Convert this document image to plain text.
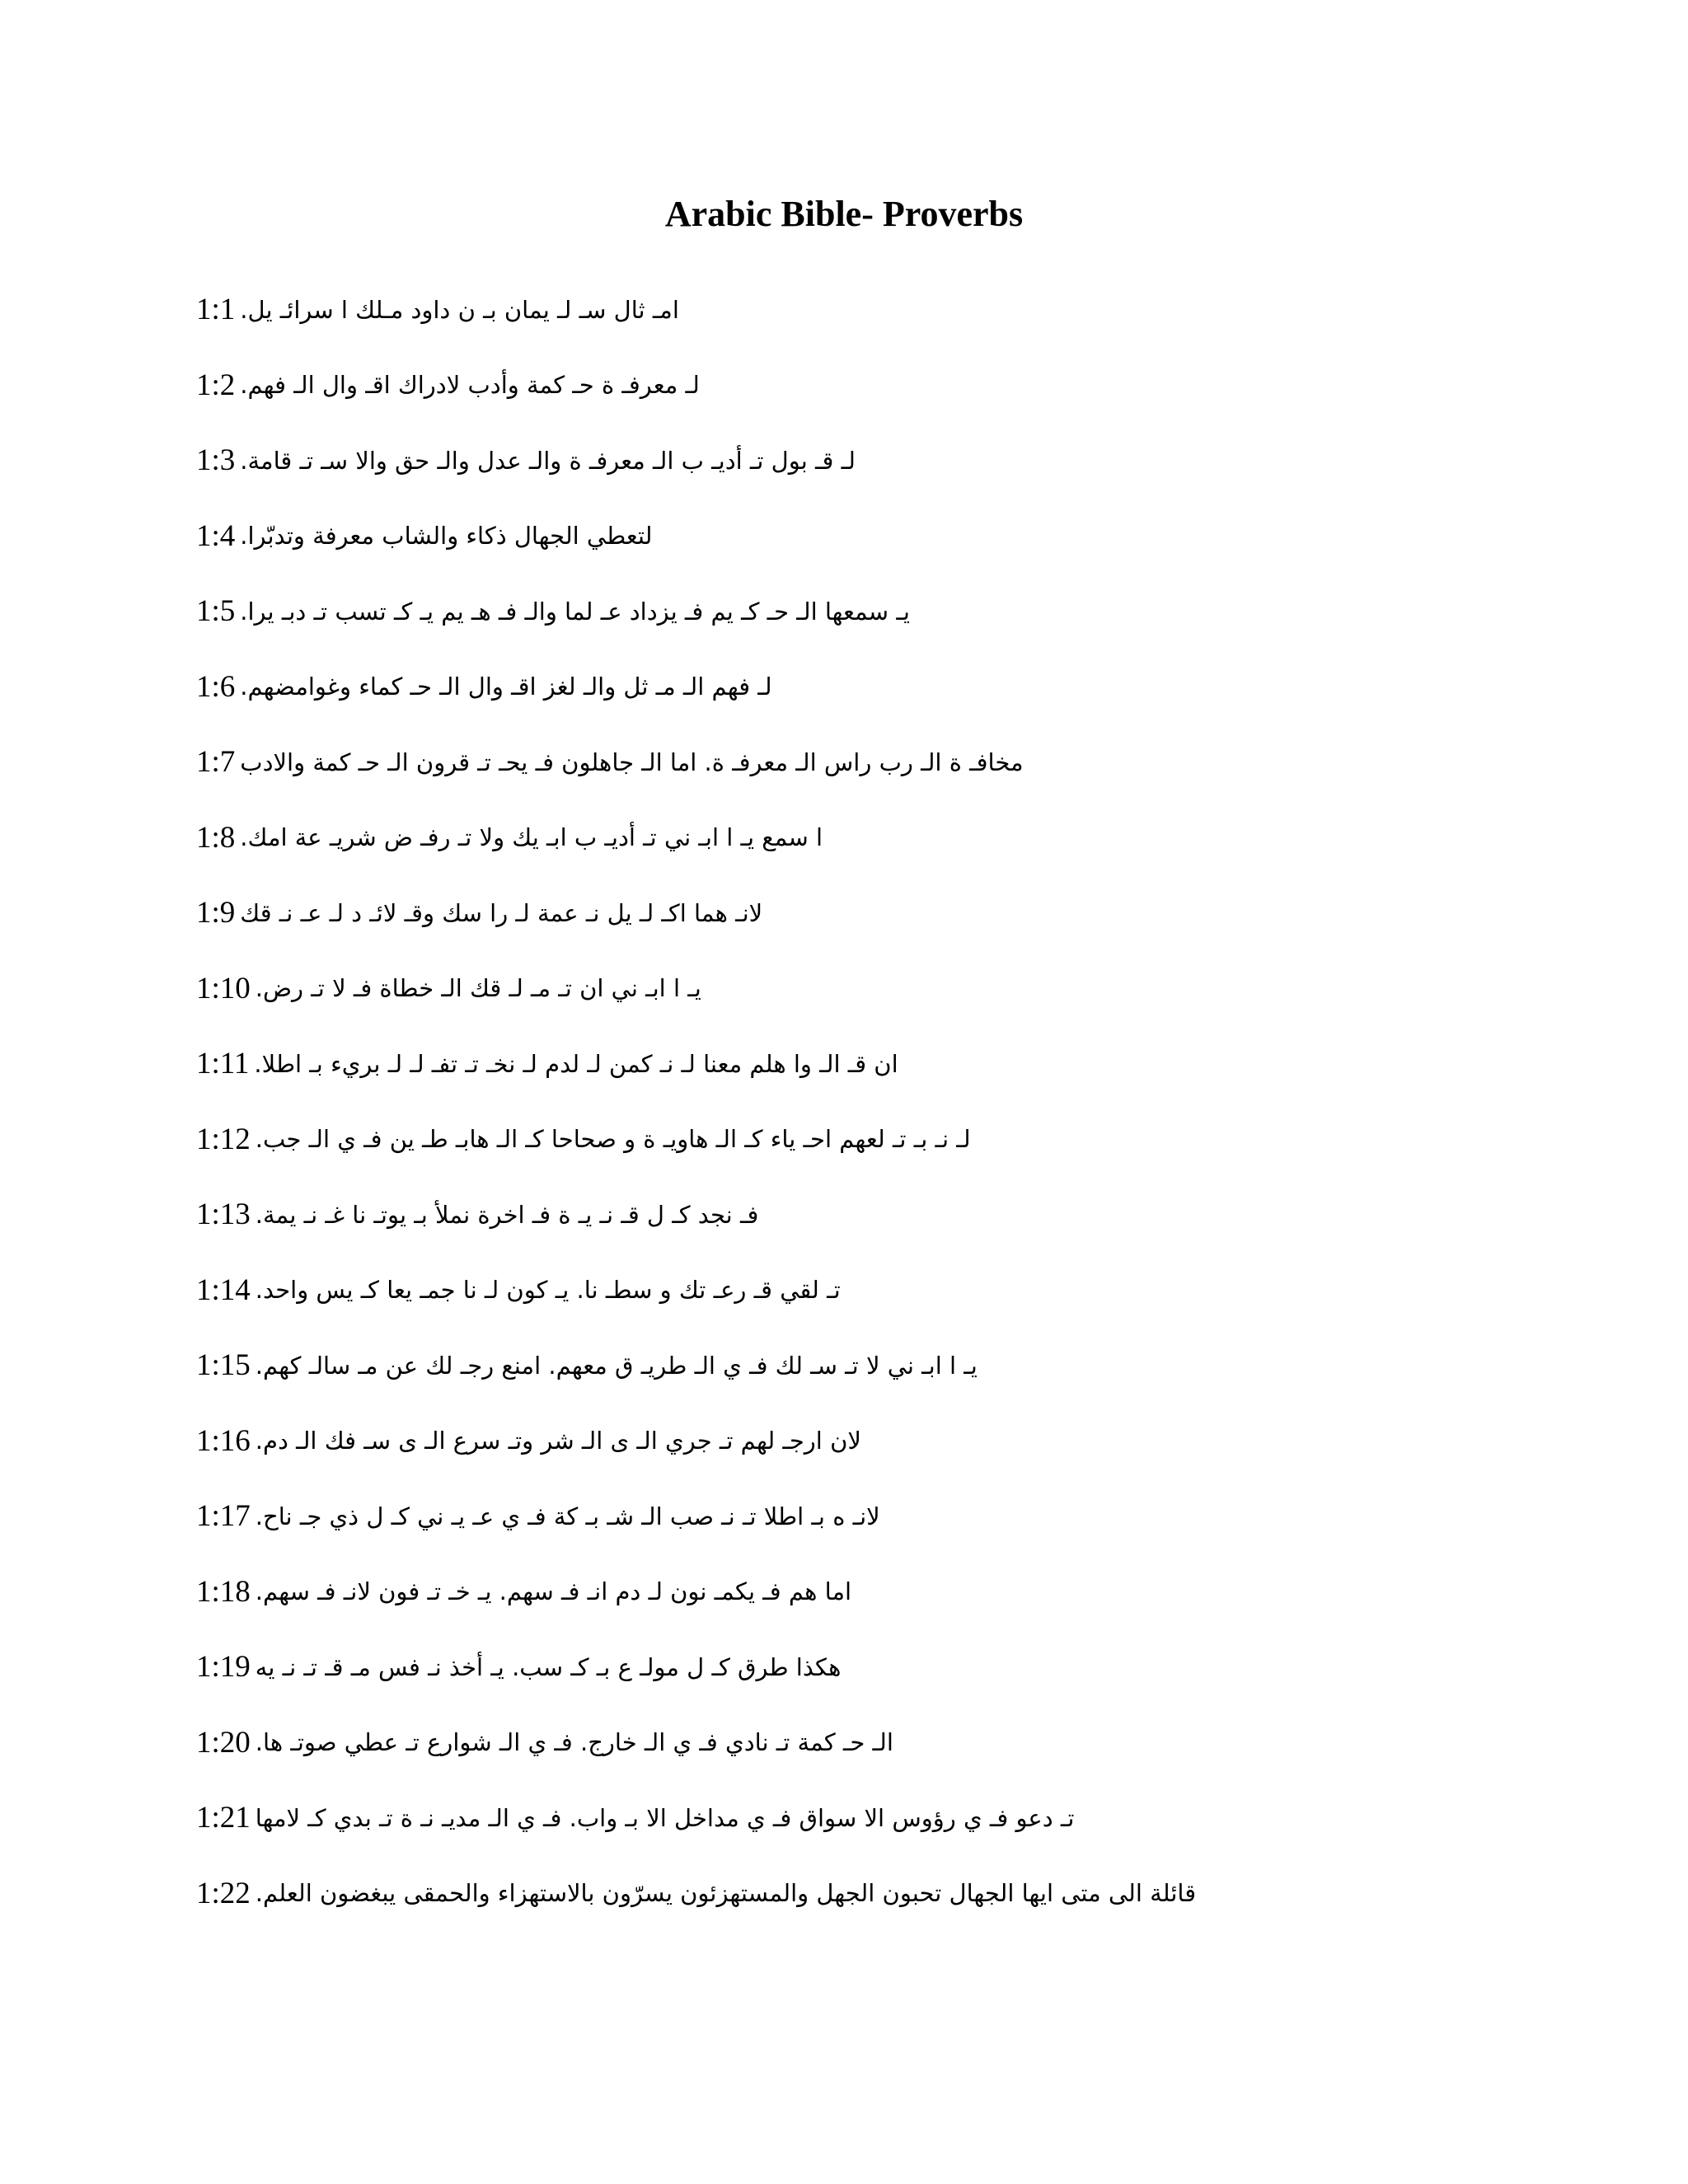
Arabic Bible- Proverbs
1:1 امـ ثال سـ لـ يمان بـ ن داود مـلك ا سرائـ يل.
1:2 لـ معرفـ ة حـ كمة وأدب لادراك اقـ وال الـ فهم.
1:3 لـ قـ بول تـ أديـ ب الـ معرفـ ة والـ عدل والـ حق والا سـ تـ قامة.
1:4 لتعطي الجهال ذكاء والشاب معرفة وتدبّرا.
1:5 يـ سمعها الـ حـ كـ يم فـ يزداد عـ لما والـ فـ هـ يم يـ كـ تسب تـ دبـ يرا.
1:6 لـ فهم الـ مـ ثل والـ لغز اقـ وال الـ حـ كماء وغوامضهم.
1:7 مخافـ ة الـ رب راس الـ معرفـ ة. اما الـ جاهلون فـ يحـ تـ قرون الـ حـ كمة والادب
1:8 ا سمع يـ ا ابـ ني تـ أديـ ب ابـ يك ولا تـ رفـ ض شريـ عة امك.
1:9 لانـ هما اكـ لـ يل نـ عمة لـ را سك وقـ لائـ د لـ عـ نـ قك
1:10 يـ ا ابـ ني ان تـ مـ لـ قك الـ خطاة فـ لا تـ رض.
1:11 ان قـ الـ وا هلم معنا لـ نـ كمن لـ لدم لـ نخـ تـ تفـ لـ لـ بريء بـ اطلا.
1:12 لـ نـ بـ تـ لعهم احـ ياء كـ الـ هاويـ ة و صحاحا كـ الـ هابـ طـ ين فـ ي الـ جب.
1:13 فـ نجد كـ ل قـ نـ يـ ة فـ اخرة نملأ بـ يوتـ نا غـ نـ يمة.
1:14 تـ لقي قـ رعـ تك و سطـ نا. يـ كون لـ نا جمـ يعا كـ يس واحد.
1:15 يـ ا ابـ ني لا تـ سـ لك فـ ي الـ طريـ ق معهم. امنع رجـ لك عن مـ سالـ كهم.
1:16 لان ارجـ لهم تـ جري الـ ى الـ شر وتـ سرع الـ ى سـ فك الـ دم.
1:17 لانـ ه بـ اطلا تـ نـ صب الـ شـ بـ كة فـ ي عـ يـ ني كـ ل ذي جـ ناح.
1:18 اما هم فـ يكمـ نون لـ دم انـ فـ سهم. يـ خـ تـ فون لانـ فـ سهم.
1:19 هكذا طرق كـ ل مولـ ع بـ كـ سب. يـ أخذ نـ فس مـ قـ تـ نـ يه
1:20 الـ حـ كمة تـ نادي فـ ي الـ خارج. فـ ي الـ شوارع تـ عطي صوتـ ها.
1:21 تـ دعو فـ ي رؤوس الا سواق فـ ي مداخل الا بـ واب. فـ ي الـ مديـ نـ ة تـ بدي كـ لامها
1:22 قائلة الى متى ايها الجهال تحبون الجهل والمستهزئون يسرّون بالاستهزاء والحمقى يبغضون العلم.
